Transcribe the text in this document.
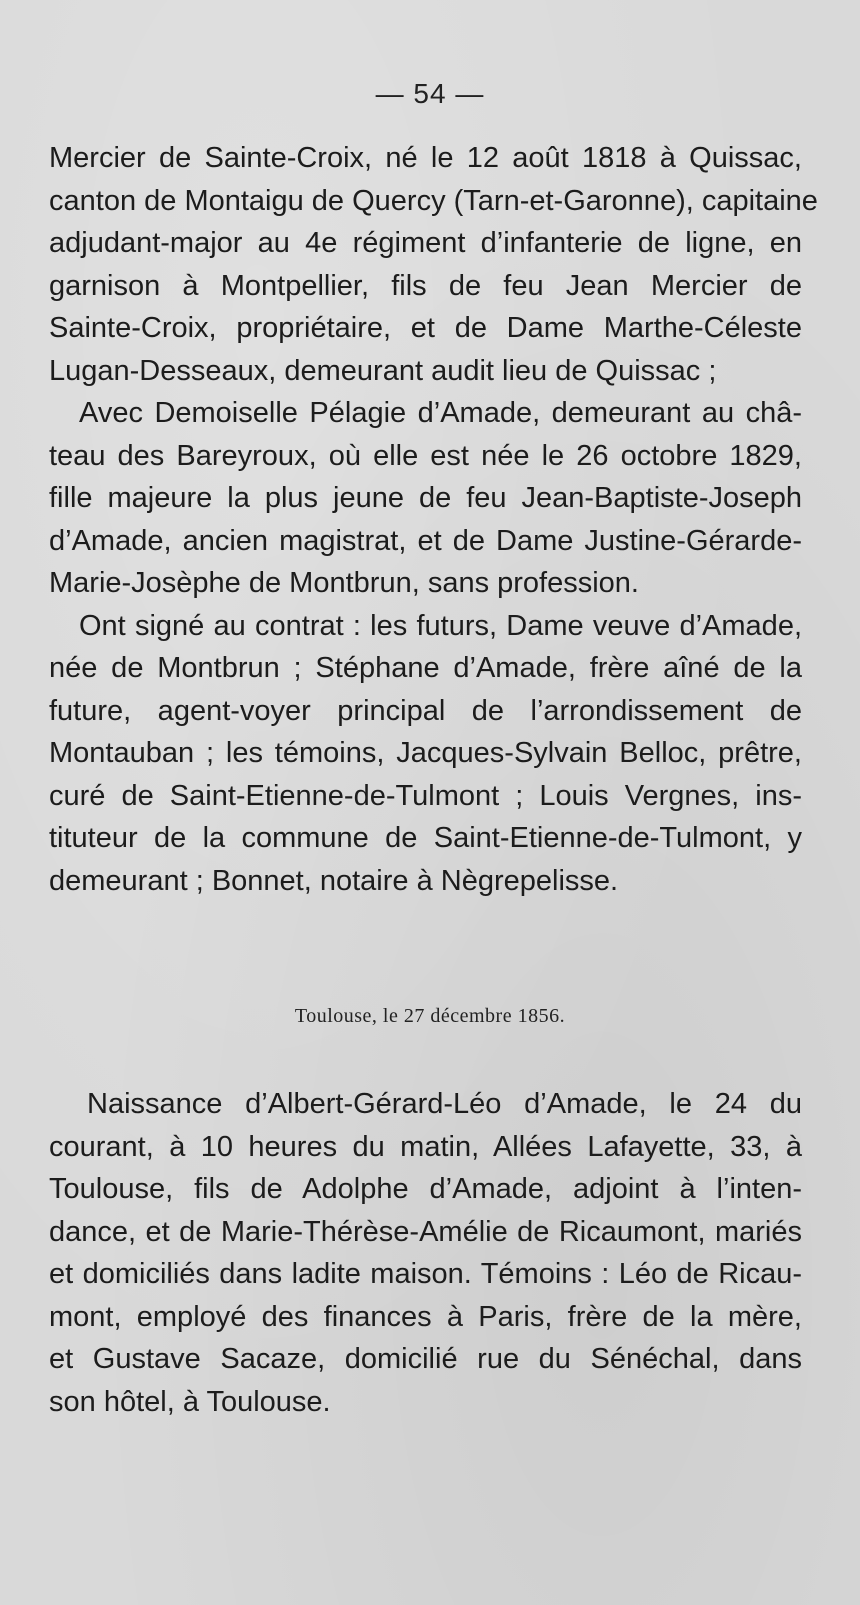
— 54 —
Mercier de Sainte-Croix, né le 12 août 1818 à Quissac,
canton de Montaigu de Quercy (Tarn-et-Garonne), capitaine
adjudant-major au 4e régiment d’infanterie de ligne, en
garnison à Montpellier, fils de feu Jean Mercier de
Sainte-Croix, propriétaire, et de Dame Marthe-Céleste
Lugan-Desseaux, demeurant audit lieu de Quissac ;
Avec Demoiselle Pélagie d’Amade, demeurant au châ-
teau des Bareyroux, où elle est née le 26 octobre 1829,
fille majeure la plus jeune de feu Jean-Baptiste-Joseph
d’Amade, ancien magistrat, et de Dame Justine-Gérarde-
Marie-Josèphe de Montbrun, sans profession.
Ont signé au contrat : les futurs, Dame veuve d’Amade,
née de Montbrun ; Stéphane d’Amade, frère aîné de la
future, agent-voyer principal de l’arrondissement de
Montauban ; les témoins, Jacques-Sylvain Belloc, prêtre,
curé de Saint-Etienne-de-Tulmont ; Louis Vergnes, ins-
tituteur de la commune de Saint-Etienne-de-Tulmont, y
demeurant ; Bonnet, notaire à Nègrepelisse.
Toulouse, le 27 décembre 1856.
Naissance d’Albert-Gérard-Léo d’Amade, le 24 du
courant, à 10 heures du matin, Allées Lafayette, 33, à
Toulouse, fils de Adolphe d’Amade, adjoint à l’inten-
dance, et de Marie-Thérèse-Amélie de Ricaumont, mariés
et domiciliés dans ladite maison. Témoins : Léo de Ricau-
mont, employé des finances à Paris, frère de la mère,
et Gustave Sacaze, domicilié rue du Sénéchal, dans
son hôtel, à Toulouse.
